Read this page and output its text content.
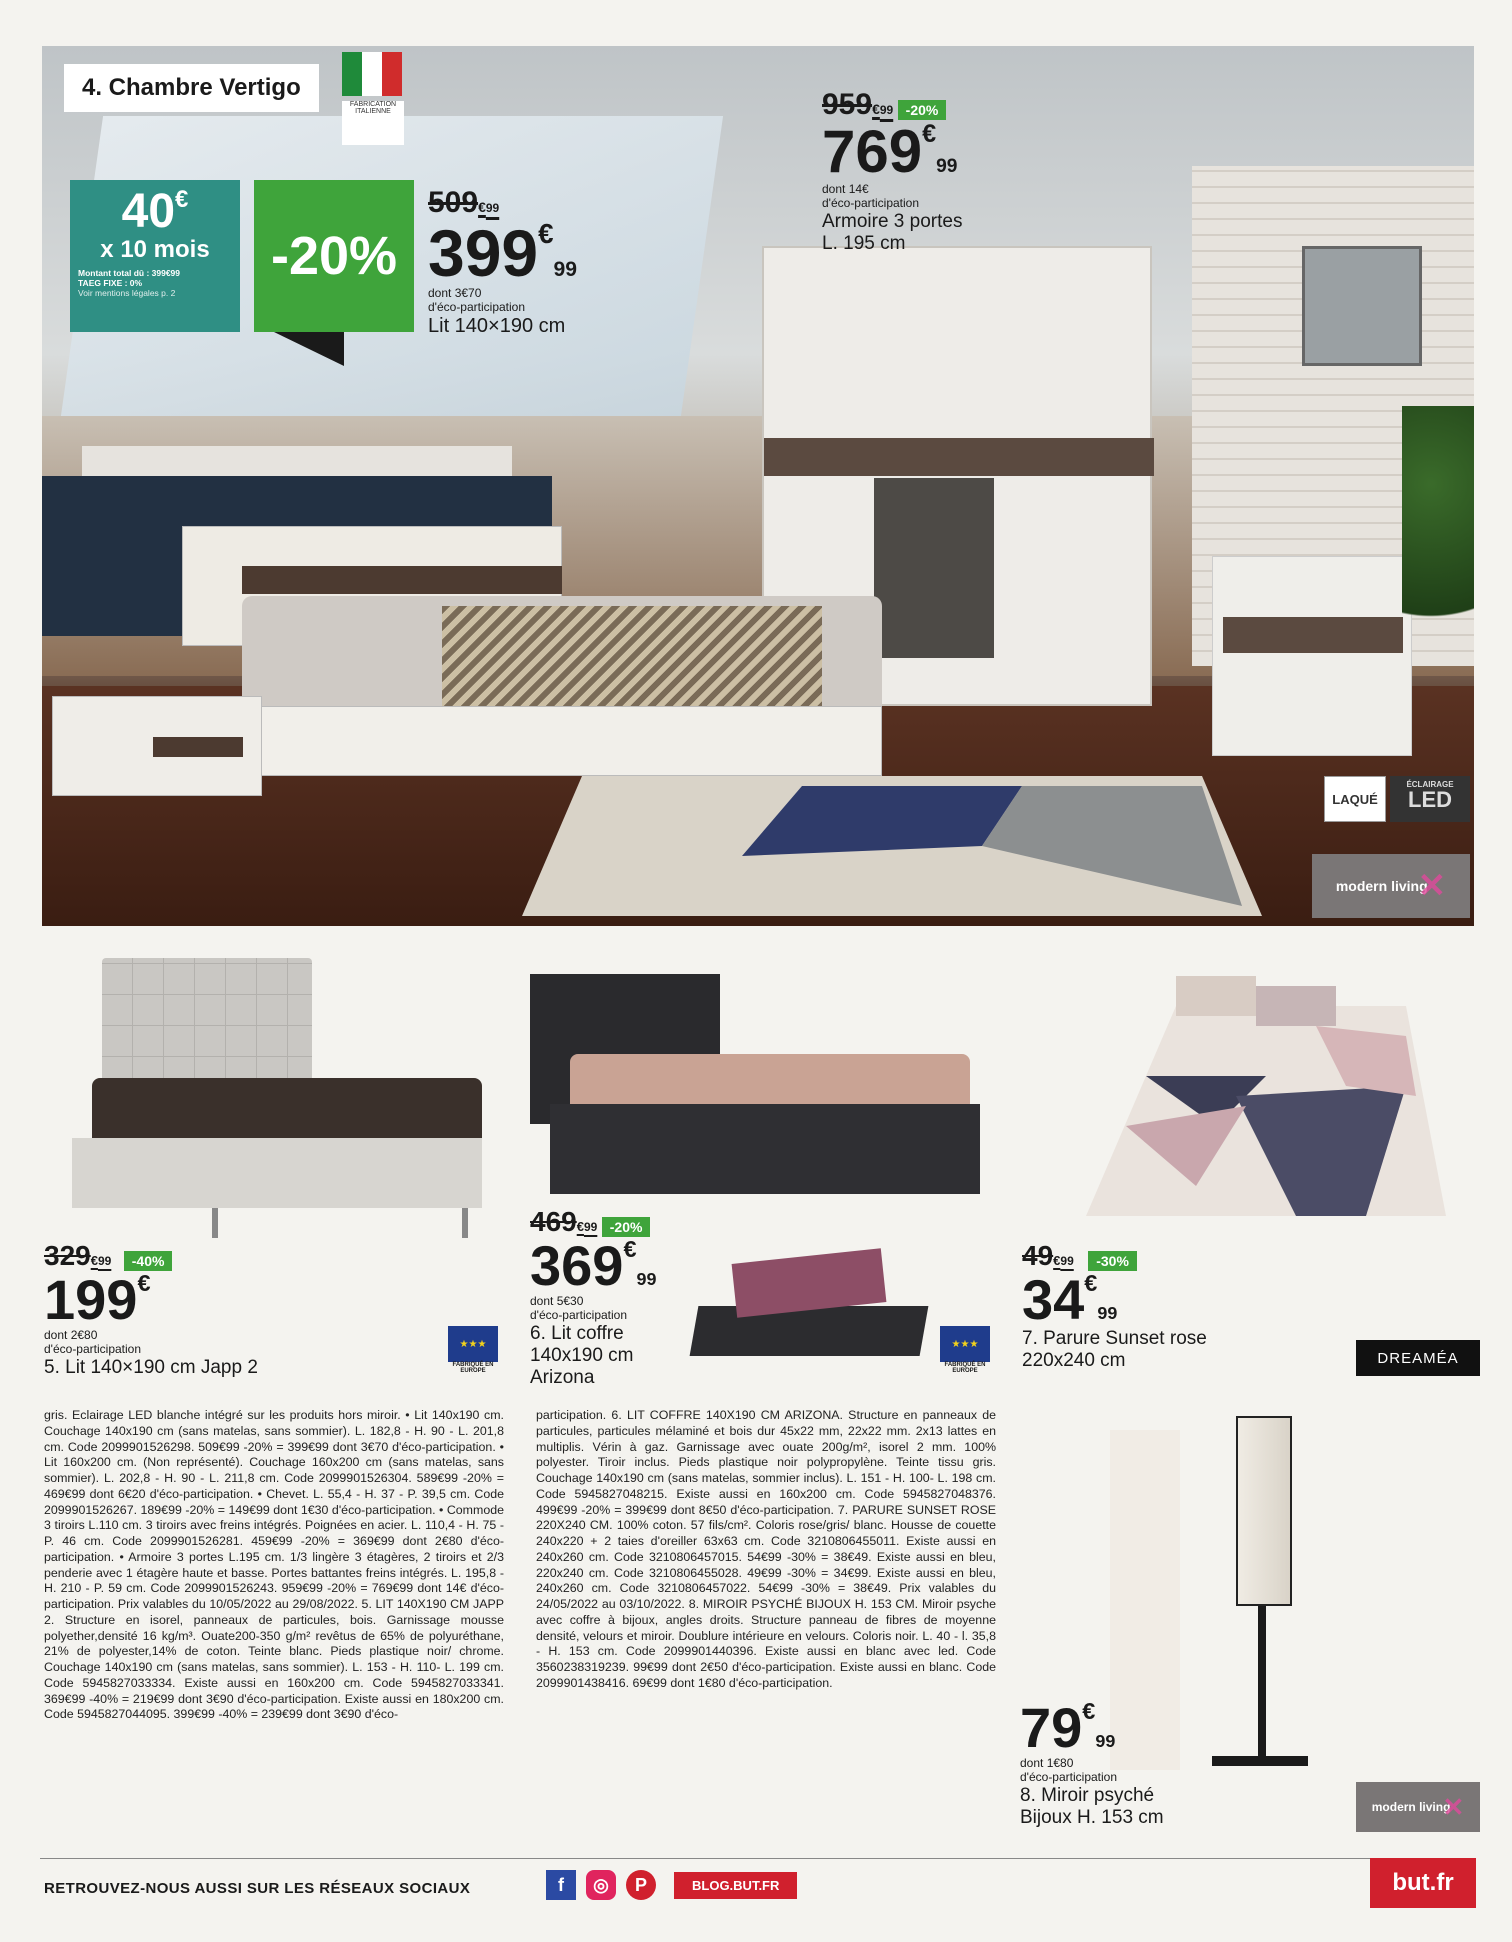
4. Chambre Vertigo
FABRICATION ITALIENNE
40€
x 10 mois
Montant total dû : 399€99
TAEG FIXE : 0%
Voir mentions légales p. 2
-20%
509€99
399€99
dont 3€70
d'éco-participation
Lit 140×190 cm
959€99 -20%
769€99
dont 14€
d'éco-participation
Armoire 3 portes
L. 195 cm
LAQUÉ
ÉCLAIRAGE
LED
modern living
✕
329€99 -40%
199€
dont 2€80
d'éco-participation
5. Lit 140×190 cm Japp 2
★★★
FABRIQUÉ EN EUROPE
469€99 -20%
369€99
dont 5€30
d'éco-participation
6. Lit coffre
140x190 cm
Arizona
★★★
FABRIQUÉ EN EUROPE
49€99 -30%
34€99
7. Parure Sunset rose
220x240 cm	DREAMÉA
gris. Eclairage LED blanche intégré sur les produits hors miroir. • Lit 140x190 cm. Couchage 140x190 cm (sans matelas, sans sommier). L. 182,8 - H. 90 - L. 201,8 cm. Code 2099901526298. 509€99 -20% = 399€99 dont 3€70 d'éco-participation. • Lit 160x200 cm. (Non représenté). Couchage 160x200 cm (sans matelas, sans sommier). L. 202,8 - H. 90 - L. 211,8 cm. Code 2099901526304. 589€99 -20% = 469€99 dont 6€20 d'éco-participation. • Chevet. L. 55,4 - H. 37 - P. 39,5 cm. Code 2099901526267. 189€99 -20% = 149€99 dont 1€30 d'éco-participation. • Commode 3 tiroirs L.110 cm. 3 tiroirs avec freins intégrés. Poignées en acier. L. 110,4 - H. 75 - P. 46 cm. Code 2099901526281. 459€99 -20% = 369€99 dont 2€80 d'éco-participation. • Armoire 3 portes L.195 cm. 1/3 lingère 3 étagères, 2 tiroirs et 2/3 penderie avec 1 étagère haute et basse. Portes battantes freins intégrés. L. 195,8 - H. 210 - P. 59 cm. Code 2099901526243. 959€99 -20% = 769€99 dont 14€ d'éco-participation. Prix valables du 10/05/2022 au 29/08/2022. 5. LIT 140X190 CM JAPP 2. Structure en isorel, panneaux de particules, bois. Garnissage mousse polyether,densité 16 kg/m³. Ouate200-350 g/m² revêtus de 65% de polyuréthane, 21% de polyester,14% de coton. Teinte blanc. Pieds plastique noir/ chrome. Couchage 140x190 cm (sans matelas, sans sommier). L. 153 - H. 110- L. 199 cm. Code 5945827033334. Existe aussi en 160x200 cm. Code 5945827033341. 369€99 -40% = 219€99 dont 3€90 d'éco-participation. Existe aussi en 180x200 cm. Code 5945827044095. 399€99 -40% = 239€99 dont 3€90 d'éco-
participation. 6. LIT COFFRE 140X190 CM ARIZONA. Structure en panneaux de particules, particules mélaminé et bois dur 45x22 mm, 22x22 mm. 2x13 lattes en multiplis. Vérin à gaz. Garnissage avec ouate 200g/m², isorel 2 mm. 100% polyester. Tiroir inclus. Pieds plastique noir polypropylène. Teinte tissu gris. Couchage 140x190 cm (sans matelas, sommier inclus). L. 151 - H. 100- L. 198 cm. Code 5945827048215. Existe aussi en 160x200 cm. Code 5945827048376. 499€99 -20% = 399€99 dont 8€50 d'éco-participation. 7. PARURE SUNSET ROSE 220X240 CM. 100% coton. 57 fils/cm². Coloris rose/gris/ blanc. Housse de couette 240x220 + 2 taies d'oreiller 63x63 cm. Code 3210806455011. Existe aussi en 240x260 cm. Code 3210806457015. 54€99 -30% = 38€49. Existe aussi en bleu, 220x240 cm. Code 3210806455028. 49€99 -30% = 34€99. Existe aussi en bleu, 240x260 cm. Code 3210806457022. 54€99 -30% = 38€49. Prix valables du 24/05/2022 au 03/10/2022. 8. MIROIR PSYCHÉ BIJOUX H. 153 CM. Miroir psyche avec coffre à bijoux, angles droits. Structure panneau de fibres de moyenne densité, velours et miroir. Doublure intérieure en velours. Coloris noir. L. 40 - l. 35,8 - H. 153 cm. Code 2099901440396. Existe aussi en blanc avec led. Code 3560238319239. 99€99 dont 2€50 d'éco-participation. Existe aussi en blanc. Code 2099901438416. 69€99 dont 1€80 d'éco-participation.
79€99
dont 1€80
d'éco-participation
8. Miroir psyché
Bijoux H. 153 cm	modern living
✕
RETROUVEZ-NOUS AUSSI SUR LES RÉSEAUX SOCIAUX	f	◎	P	BLOG.BUT.FR	but.fr
